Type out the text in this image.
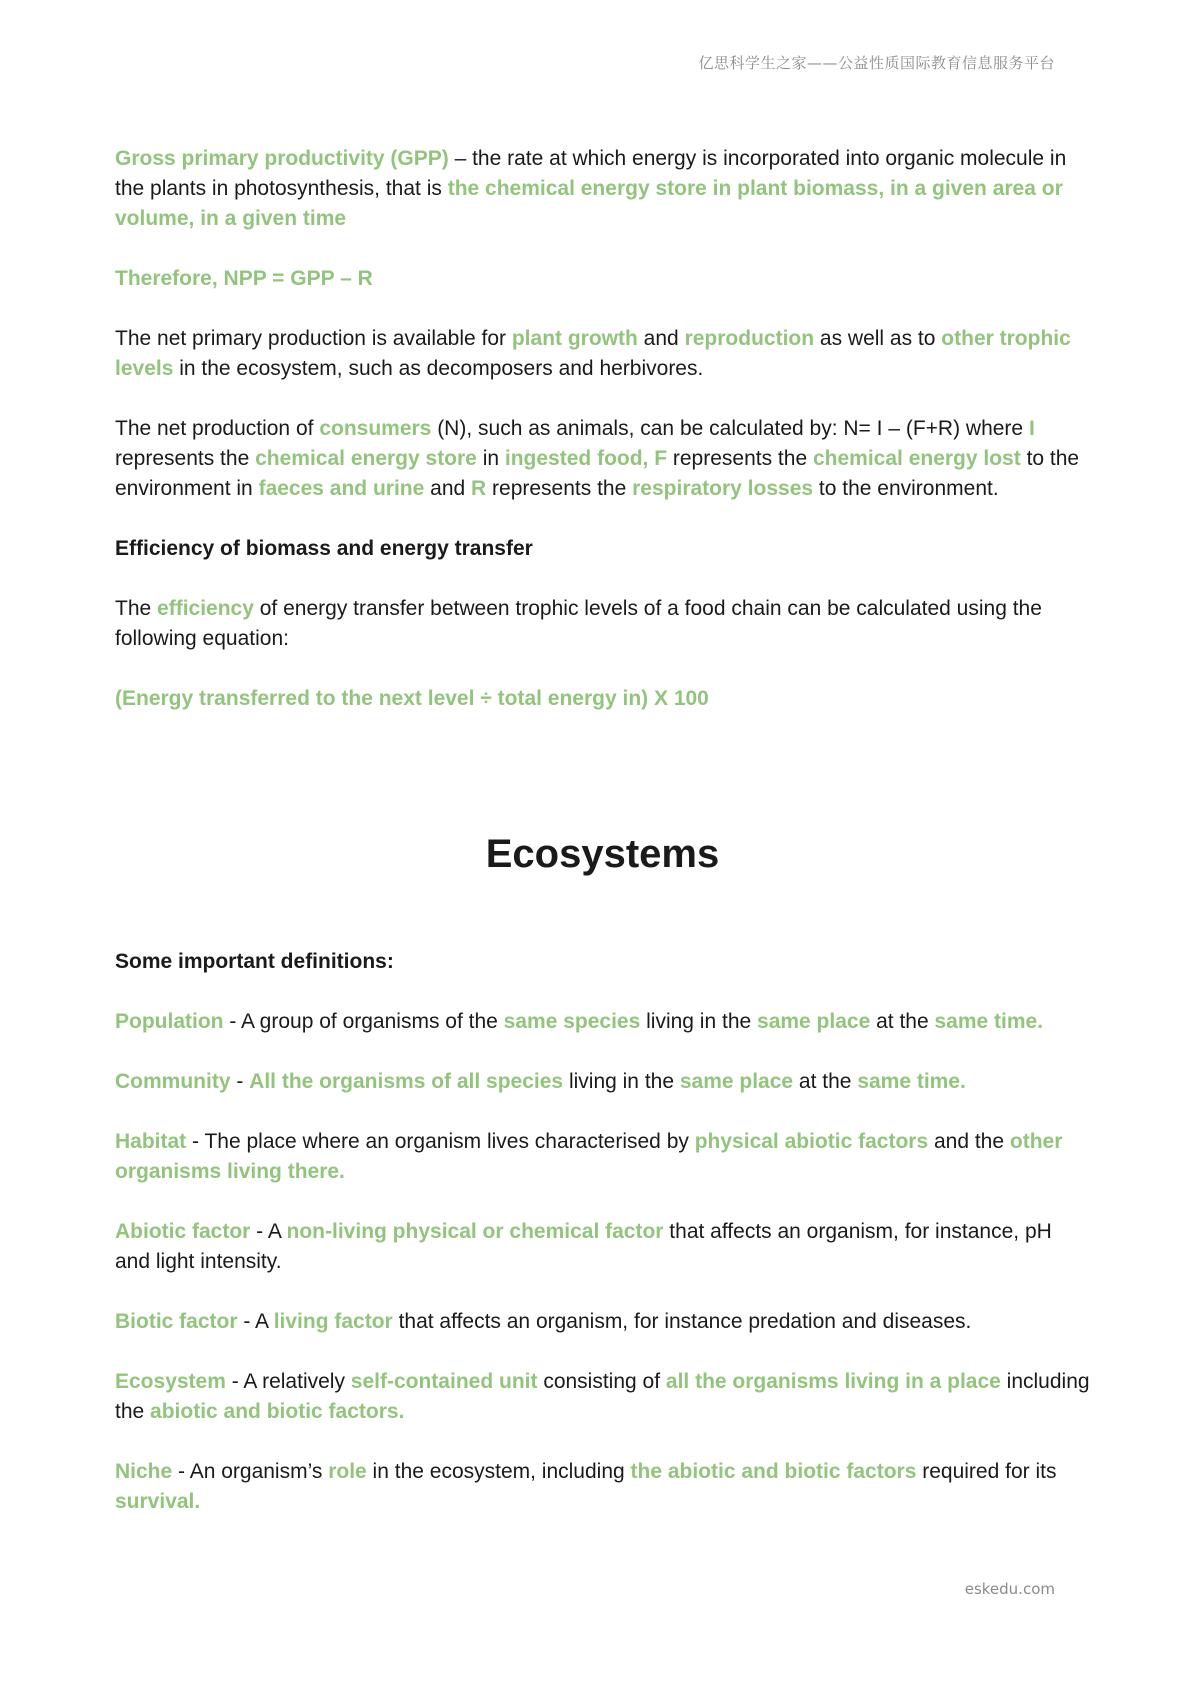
亿思科学生之家——公益性质国际教育信息服务平台

Gross primary productivity (GPP) – the rate at which energy is incorporated into organic molecule in the plants in photosynthesis, that is the chemical energy store in plant biomass, in a given area or volume, in a given time

Therefore, NPP = GPP – R

The net primary production is available for plant growth and reproduction as well as to other trophic levels in the ecosystem, such as decomposers and herbivores.

The net production of consumers (N), such as animals, can be calculated by: N= I – (F+R) where I represents the chemical energy store in ingested food, F represents the chemical energy lost to the environment in faeces and urine and R represents the respiratory losses to the environment.

Efficiency of biomass and energy transfer

The efficiency of energy transfer between trophic levels of a food chain can be calculated using the following equation:

(Energy transferred to the next level ÷ total energy in) X 100

Ecosystems

Some important definitions:

Population - A group of organisms of the same species living in the same place at the same time.

Community - All the organisms of all species living in the same place at the same time.

Habitat - The place where an organism lives characterised by physical abiotic factors and the other organisms living there.

Abiotic factor - A non-living physical or chemical factor that affects an organism, for instance, pH and light intensity.

Biotic factor - A living factor that affects an organism, for instance predation and diseases.

Ecosystem - A relatively self-contained unit consisting of all the organisms living in a place including the abiotic and biotic factors.

Niche - An organism’s role in the ecosystem, including the abiotic and biotic factors required for its survival.

eskedu.com
